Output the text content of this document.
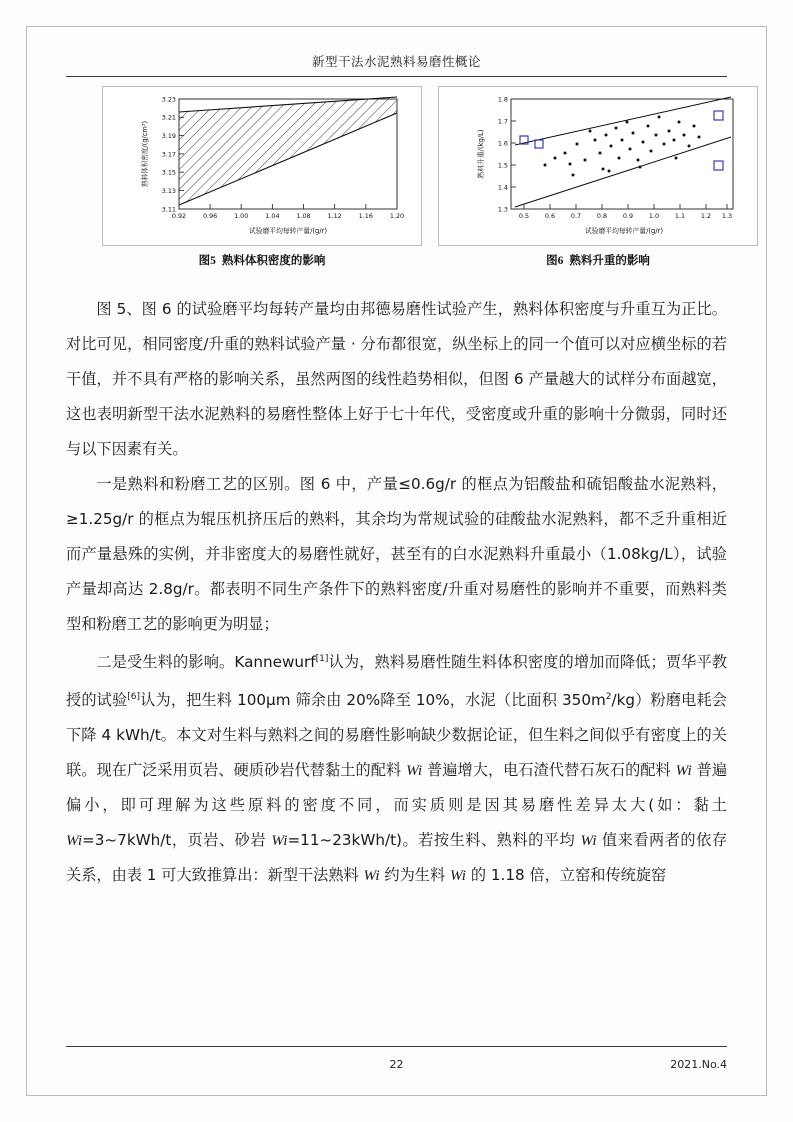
新型干法水泥熟料易磨性概论
3.23
3.21
3.19
3.17
3.15
3.13
3.11
0.92	0.96	1.00	1.04	1.08	1.12	1.16	1.20
熟料体积密度/(g/cm³)
试验磨平均每转产量/(g/r)
1.8
1.7
1.6
1.5
1.4
1.3
0.5 0.6 0.7 0.8 0.9 1.0 1.1 1.2 1.3
熟料升重/(kg/L)
试验磨平均每转产量/(g/r)
图5 熟料体积密度的影响	图6 熟料升重的影响

图 5、图 6 的试验磨平均每转产量均由邦德易磨性试验产生，熟料体积密度与升重互为正比。对比可见，相同密度/升重的熟料试验产量 · 分布都很宽，纵坐标上的同一个值可以对应横坐标的若干值，并不具有严格的影响关系，虽然两图的线性趋势相似，但图 6 产量越大的试样分布面越宽，这也表明新型干法水泥熟料的易磨性整体上好于七十年代，受密度或升重的影响十分微弱，同时还与以下因素有关。

一是熟料和粉磨工艺的区别。图 6 中，产量≤0.6g/r 的框点为铝酸盐和硫铝酸盐水泥熟料，≥1.25g/r 的框点为辊压机挤压后的熟料，其余均为常规试验的硅酸盐水泥熟料，都不乏升重相近而产量悬殊的实例，并非密度大的易磨性就好，甚至有的白水泥熟料升重最小（1.08kg/L），试验产量却高达 2.8g/r。都表明不同生产条件下的熟料密度/升重对易磨性的影响并不重要，而熟料类型和粉磨工艺的影响更为明显；

二是受生料的影响。Kannewurf[1]认为，熟料易磨性随生料体积密度的增加而降低；贾华平教授的试验[6]认为，把生料 100μm 筛余由 20%降至 10%，水泥（比面积 $350m^2/kg$）粉磨电耗会下降 4 kWh/t。本文对生料与熟料之间的易磨性影响缺少数据论证，但生料之间似乎有密度上的关联。现在广泛采用页岩、硬质砂岩代替黏土的配料 Wi 普遍增大，电石渣代替石灰石的配料 Wi 普遍偏小，即可理解为这些原料的密度不同，而实质则是因其易磨性差异太大(如：黏土 Wi=3~7kWh/t，页岩、砂岩 Wi=11~23kWh/t)。若按生料、熟料的平均 Wi 值来看两者的依存关系，由表 1 可大致推算出：新型干法熟料 Wi 约为生料 Wi 的 1.18 倍，立窑和传统旋窑

22	2021.No.4
